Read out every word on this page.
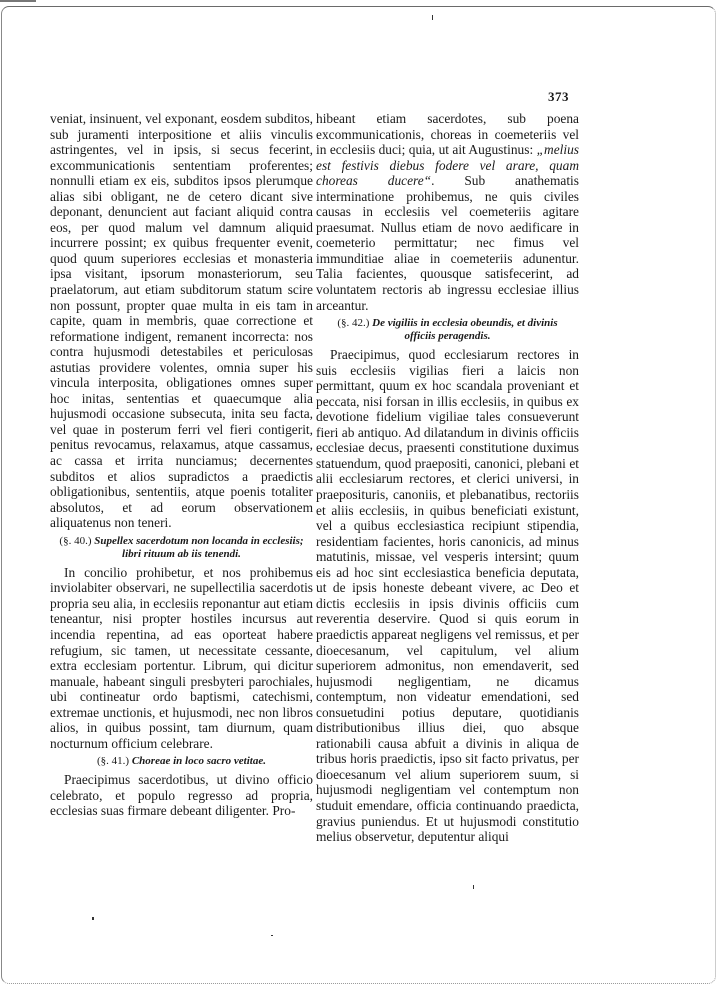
373

veniat, insinuent, vel exponant, eosdem subditos, sub juramenti interpositione et aliis vinculis astringentes, vel in ipsis, si secus fecerint, excommunicationis sententiam proferentes; nonnulli etiam ex eis, subditos ipsos plerumque alias sibi obligant, ne de cetero dicant sive deponant, denuncient aut faciant aliquid contra eos, per quod malum vel damnum aliquid incurrere possint; ex quibus frequenter evenit, quod quum superiores ecclesias et monasteria ipsa visitant, ipsorum monasteriorum, seu praelatorum, aut etiam subditorum statum scire non possunt, propter quae multa in eis tam in capite, quam in membris, quae correctione et reformatione indigent, remanent incorrecta: nos contra hujusmodi detestabiles et periculosas astutias providere volentes, omnia super his vincula interposita, obligationes omnes super hoc initas, sententias et quaecumque alia hujusmodi occasione subsecuta, inita seu facta, vel quae in posterum ferri vel fieri contigerit, penitus revocamus, relaxamus, atque cassamus, ac cassa et irrita nunciamus; decernentes subditos et alios supradictos a praedictis obligationibus, sententiis, atque poenis totaliter absolutos, et ad eorum observationem aliquatenus non teneri.

(§. 40.) Supellex sacerdotum non locanda in ecclesiis;
libri rituum ab iis tenendi.

In concilio prohibetur, et nos prohibemus inviolabiter observari, ne supellectilia sacerdotis propria seu alia, in ecclesiis reponantur aut etiam teneantur, nisi propter hostiles incursus aut incendia repentina, ad eas oporteat habere refugium, sic tamen, ut necessitate cessante, extra ecclesiam portentur. Librum, qui dicitur manuale, habeant singuli presbyteri parochiales, ubi contineatur ordo baptismi, catechismi, extremae unctionis, et hujusmodi, nec non libros alios, in quibus possint, tam diurnum, quam nocturnum officium celebrare.

(§. 41.) Choreae in loco sacro vetitae.

Praecipimus sacerdotibus, ut divino officio celebrato, et populo regresso ad propria, ecclesias suas firmare debeant diligenter. Pro-

hibeant etiam sacerdotes, sub poena excommunicationis, choreas in coemeteriis vel in ecclesiis duci; quia, ut ait Augustinus: „melius est festivis diebus fodere vel arare, quam choreas ducere“. Sub anathematis interminatione prohibemus, ne quis civiles causas in ecclesiis vel coemeteriis agitare praesumat. Nullus etiam de novo aedificare in coemeterio permittatur; nec fimus vel immunditiae aliae in coemeteriis adunentur. Talia facientes, quousque satisfecerint, ad voluntatem rectoris ab ingressu ecclesiae illius arceantur.

(§. 42.) De vigiliis in ecclesia obeundis, et divinis
officiis peragendis.

Praecipimus, quod ecclesiarum rectores in suis ecclesiis vigilias fieri a laicis non permittant, quum ex hoc scandala proveniant et peccata, nisi forsan in illis ecclesiis, in quibus ex devotione fidelium vigiliae tales consueverunt fieri ab antiquo. Ad dilatandum in divinis officiis ecclesiae decus, praesenti constitutione duximus statuendum, quod praepositi, canonici, plebani et alii ecclesiarum rectores, et clerici universi, in praeposituris, canoniis, et plebanatibus, rectoriis et aliis ecclesiis, in quibus beneficiati existunt, vel a quibus ecclesiastica recipiunt stipendia, residentiam facientes, horis canonicis, ad minus matutinis, missae, vel vesperis intersint; quum eis ad hoc sint ecclesiastica beneficia deputata, ut de ipsis honeste debeant vivere, ac Deo et dictis ecclesiis in ipsis divinis officiis cum reverentia deservire. Quod si quis eorum in praedictis appareat negligens vel remissus, et per dioecesanum, vel capitulum, vel alium superiorem admonitus, non emendaverit, sed hujusmodi negligentiam, ne dicamus contemptum, non videatur emendationi, sed consuetudini potius deputare, quotidianis distributionibus illius diei, quo absque rationabili causa abfuit a divinis in aliqua de tribus horis praedictis, ipso sit facto privatus, per dioecesanum vel alium superiorem suum, si hujusmodi negligentiam vel contemptum non studuit emendare, officia continuando praedicta, gravius puniendus. Et ut hujusmodi constitutio melius observetur, deputentur aliqui
